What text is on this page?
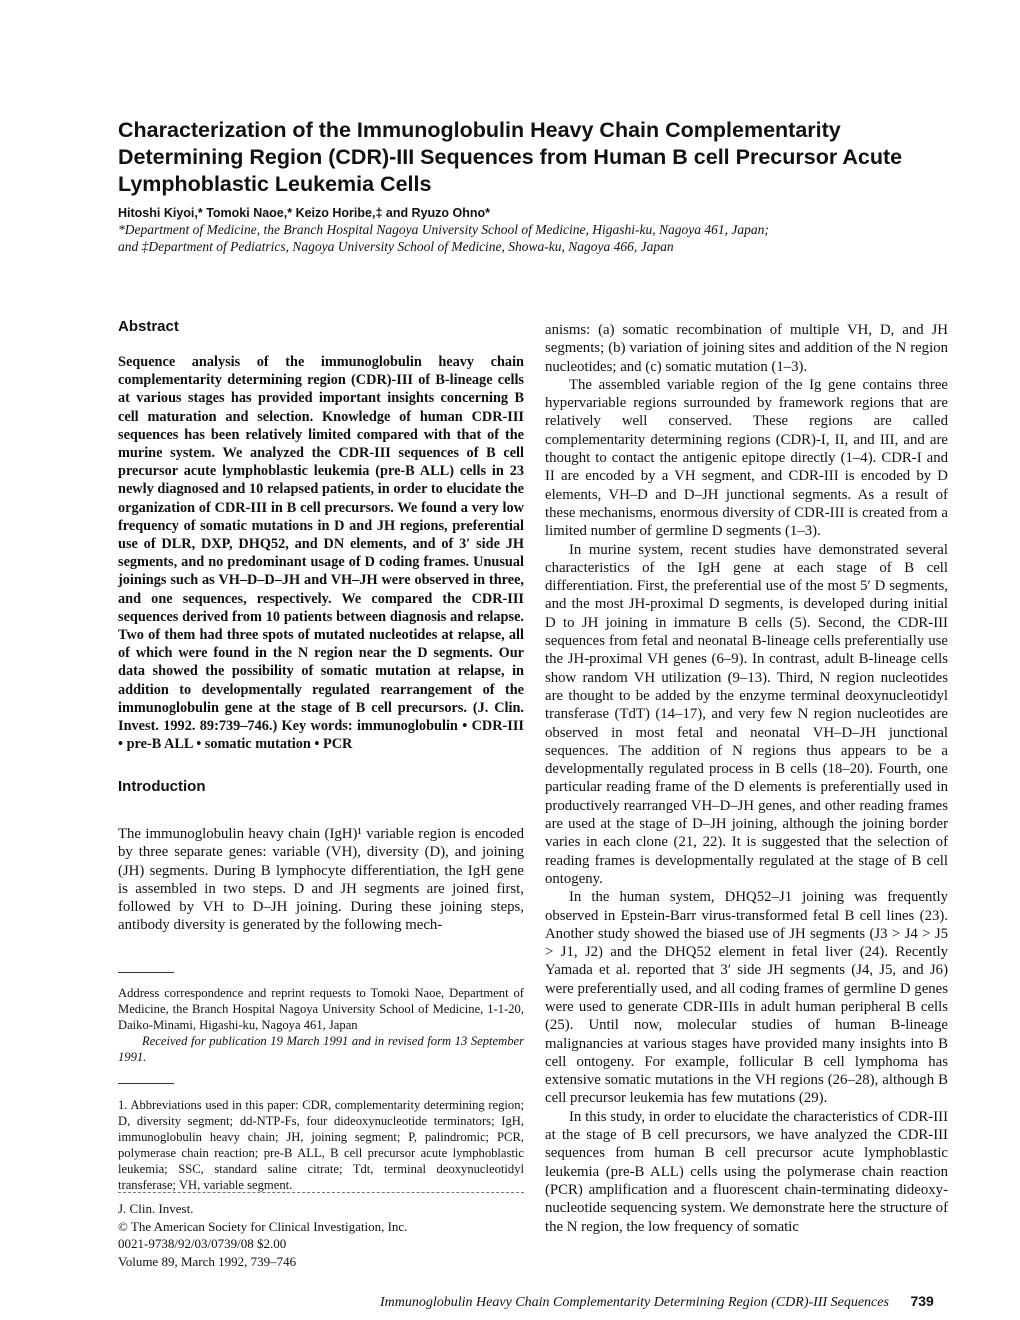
Characterization of the Immunoglobulin Heavy Chain Complementarity Determining Region (CDR)-III Sequences from Human B cell Precursor Acute Lymphoblastic Leukemia Cells
Hitoshi Kiyoi,* Tomoki Naoe,* Keizo Horibe,‡ and Ryuzo Ohno*
*Department of Medicine, the Branch Hospital Nagoya University School of Medicine, Higashi-ku, Nagoya 461, Japan;
and ‡Department of Pediatrics, Nagoya University School of Medicine, Showa-ku, Nagoya 466, Japan
Abstract

Sequence analysis of the immunoglobulin heavy chain complementarity determining region (CDR)-III of B-lineage cells at various stages has provided important insights concerning B cell maturation and selection. Knowledge of human CDR-III sequences has been relatively limited compared with that of the murine system. We analyzed the CDR-III sequences of B cell precursor acute lymphoblastic leukemia (pre-B ALL) cells in 23 newly diagnosed and 10 relapsed patients, in order to elucidate the organization of CDR-III in B cell precursors. We found a very low frequency of somatic mutations in D and JH regions, preferential use of DLR, DXP, DHQ52, and DN elements, and of 3′ side JH segments, and no predominant usage of D coding frames. Unusual joinings such as VH–D–D–JH and VH–JH were observed in three, and one sequences, respectively. We compared the CDR-III sequences derived from 10 patients between diagnosis and relapse. Two of them had three spots of mutated nucleotides at relapse, all of which were found in the N region near the D segments. Our data showed the possibility of somatic mutation at relapse, in addition to developmentally regulated rearrangement of the immunoglobulin gene at the stage of B cell precursors. (J. Clin. Invest. 1992. 89:739–746.) Key words: immunoglobulin • CDR-III • pre-B ALL • somatic mutation • PCR

Introduction

The immunoglobulin heavy chain (IgH)¹ variable region is encoded by three separate genes: variable (VH), diversity (D), and joining (JH) segments. During B lymphocyte differentiation, the IgH gene is assembled in two steps. D and JH segments are joined first, followed by VH to D–JH joining. During these joining steps, antibody diversity is generated by the following mech-

Address correspondence and reprint requests to Tomoki Naoe, Department of Medicine, the Branch Hospital Nagoya University School of Medicine, 1-1-20, Daiko-Minami, Higashi-ku, Nagoya 461, Japan

Received for publication 19 March 1991 and in revised form 13 September 1991.

1. Abbreviations used in this paper: CDR, complementarity determining region; D, diversity segment; dd-NTP-Fs, four dideoxynucleotide terminators; IgH, immunoglobulin heavy chain; JH, joining segment; P, palindromic; PCR, polymerase chain reaction; pre-B ALL, B cell precursor acute lymphoblastic leukemia; SSC, standard saline citrate; Tdt, terminal deoxynucleotidyl transferase; VH, variable segment.

J. Clin. Invest.
© The American Society for Clinical Investigation, Inc.
0021-9738/92/03/0739/08 $2.00
Volume 89, March 1992, 739–746

anisms: (a) somatic recombination of multiple VH, D, and JH segments; (b) variation of joining sites and addition of the N region nucleotides; and (c) somatic mutation (1–3).

The assembled variable region of the Ig gene contains three hypervariable regions surrounded by framework regions that are relatively well conserved. These regions are called complementarity determining regions (CDR)-I, II, and III, and are thought to contact the antigenic epitope directly (1–4). CDR-I and II are encoded by a VH segment, and CDR-III is encoded by D elements, VH–D and D–JH junctional segments. As a result of these mechanisms, enormous diversity of CDR-III is created from a limited number of germline D segments (1–3).

In murine system, recent studies have demonstrated several characteristics of the IgH gene at each stage of B cell differentiation. First, the preferential use of the most 5′ D segments, and the most JH-proximal D segments, is developed during initial D to JH joining in immature B cells (5). Second, the CDR-III sequences from fetal and neonatal B-lineage cells preferentially use the JH-proximal VH genes (6–9). In contrast, adult B-lineage cells show random VH utilization (9–13). Third, N region nucleotides are thought to be added by the enzyme terminal deoxynucleotidyl transferase (TdT) (14–17), and very few N region nucleotides are observed in most fetal and neonatal VH–D–JH junctional sequences. The addition of N regions thus appears to be a developmentally regulated process in B cells (18–20). Fourth, one particular reading frame of the D elements is preferentially used in productively rearranged VH–D–JH genes, and other reading frames are used at the stage of D–JH joining, although the joining border varies in each clone (21, 22). It is suggested that the selection of reading frames is developmentally regulated at the stage of B cell ontogeny.

In the human system, DHQ52–J1 joining was frequently observed in Epstein-Barr virus-transformed fetal B cell lines (23). Another study showed the biased use of JH segments (J3 > J4 > J5 > J1, J2) and the DHQ52 element in fetal liver (24). Recently Yamada et al. reported that 3′ side JH segments (J4, J5, and J6) were preferentially used, and all coding frames of germline D genes were used to generate CDR-IIIs in adult human peripheral B cells (25). Until now, molecular studies of human B-lineage malignancies at various stages have provided many insights into B cell ontogeny. For example, follicular B cell lymphoma has extensive somatic mutations in the VH regions (26–28), although B cell precursor leukemia has few mutations (29).

In this study, in order to elucidate the characteristics of CDR-III at the stage of B cell precursors, we have analyzed the CDR-III sequences from human B cell precursor acute lymphoblastic leukemia (pre-B ALL) cells using the polymerase chain reaction (PCR) amplification and a fluorescent chain-terminating dideoxy-nucleotide sequencing system. We demonstrate here the structure of the N region, the low frequency of somatic

Immunoglobulin Heavy Chain Complementarity Determining Region (CDR)-III Sequences 739
